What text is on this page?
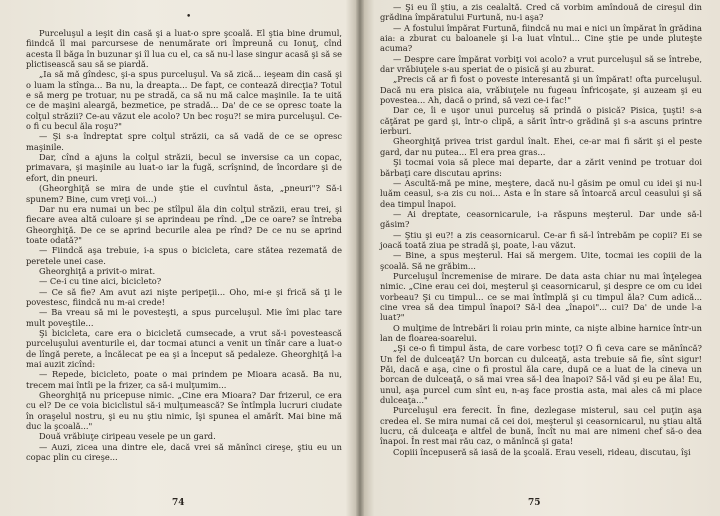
•

Purceluşul a ieşit din casă şi a luat-o spre şcoală. El ştia bine drumul, fiindcă îl mai parcursese de nenumărate ori împreună cu Ionuţ, cînd acesta îl băga în buzunar şi îl lua cu el, ca să nu-l lase singur acasă şi să se plictisească sau să se piardă.

„Ia să mă gîndesc, şi-a spus purceluşul. Va să zică... ieşeam din casă şi o luam la stînga... Ba nu, la dreapta... De fapt, ce contează direcţia? Totul e să merg pe trotuar, nu pe stradă, ca să nu mă calce maşinile. Ia te uită ce de maşini aleargă, bezmetice, pe stradă... Da' de ce se opresc toate la colţul străzii? Ce-au văzut ele acolo? Un bec roşu?! se mira purceluşul. Ce-o fi cu becul ăla roşu?"

— Şi s-a îndreptat spre colţul străzii, ca să vadă de ce se opresc maşinile.

Dar, cînd a ajuns la colţul străzii, becul se inversise ca un copac, primavara, şi maşinile au luat-o iar la fugă, scrîşnind, de încordare şi de efort, din pneuri.

(Gheorghiţă se mira de unde ştie el cuvîntul ăsta, „pneuri"? Să-i spunem? Bine, cum vreţi voi...)

Dar nu era numai un bec pe stîlpul ăla din colţul străzii, erau trei, şi fiecare avea altă culoare şi se aprindeau pe rînd. „De ce oare? se întreba Gheorghiţă. De ce se aprind becurile alea pe rînd? De ce nu se aprind toate odată?"

— Fiindcă aşa trebuie, i-a spus o bicicleta, care stătea rezemată de peretele unei case.

Gheorghiţă a privit-o mirat.

— Ce-i cu tine aici, bicicleto?

— Ce să fie? Am avut azi nişte peripeţii... Oho, mi-e şi frică să ţi le povestesc, fiindcă nu m-ai crede!

— Ba vreau să mi le povesteşti, a spus purceluşul. Mie îmi plac tare mult poveştile...

Şi bicicleta, care era o bicicletă cumsecade, a vrut să-i povestească purceluşului aventurile ei, dar tocmai atunci a venit un tînăr care a luat-o de lîngă perete, a încălecat pe ea şi a început să pedaleze. Gheorghiţă l-a mai auzit zicînd:

— Repede, bicicleto, poate o mai prindem pe Mioara acasă. Ba nu, trecem mai întîi pe la frizer, ca să-i mulţumim...

Gheorghiţă nu pricepuse nimic. „Cine era Mioara? Dar frizerul, ce era cu el? De ce voia biciclistul să-i mulţumească? Se întîmpla lucruri ciudate în oraşelul nostru, şi eu nu ştiu nimic, îşi spunea el amărît. Mai bine mă duc la şcoală..."

Două vrăbiuţe ciripeau vesele pe un gard.

— Auzi, zicea una dintre ele, dacă vrei să mănînci cireşe, ştiu eu un copac plin cu cireşe...

74

— Şi eu îl ştiu, a zis cealaltă. Cred că vorbim amîndouă de cireşul din grădina împăratului Furtună, nu-i aşa?

— A fostului împărat Furtună, fiindcă nu mai e nici un împărat în grădina aia: a zburat cu baloanele şi l-a luat vîntul... Cine ştie pe unde pluteşte acuma?

— Despre care împărat vorbiţi voi acolo? a vrut purceluşul să se întrebe, dar vrăbiuţele s-au speriat de o pisică şi au zburat.

„Precis că ar fi fost o poveste interesantă şi un împărat! ofta purceluşul. Dacă nu era pisica aia, vrăbiuţele nu fugeau înfricoşate, şi auzeam şi eu povestea... Ah, dacă o prind, să vezi ce-i fac!"

Dar ce, îi e uşor unui purceluş să prindă o pisică? Pisica, ţuşti! s-a căţărat pe gard şi, într-o clipă, a sărit într-o grădină şi s-a ascuns printre ierburi.

Gheorghiţă privea trist gardul înalt. Ehei, ce-ar mai fi sărit şi el peste gard, dar nu putea... El era prea gras...

Şi tocmai voia să plece mai departe, dar a zărit venind pe trotuar doi bărbaţi care discutau aprins:

— Ascultă-mă pe mine, meştere, dacă nu-l găsim pe omul cu idei şi nu-l luăm ceasul, s-a zis cu noi... Asta e în stare să întoarcă arcul ceasului şi să dea timpul înapoi.

— Ai dreptate, ceasornicarule, i-a răspuns meşterul. Dar unde să-l găsim?

— Ştiu şi eu?! a zis ceasornicarul. Ce-ar fi să-l întrebăm pe copii? Ei se joacă toată ziua pe stradă şi, poate, l-au văzut.

— Bine, a spus meşterul. Hai să mergem. Uite, tocmai ies copiii de la şcoală. Să ne grăbim...

Purceluşul încremenise de mirare. De data asta chiar nu mai înţelegea nimic. „Cine erau cei doi, meşterul şi ceasornicarul, şi despre ce om cu idei vorbeau? Şi cu timpul... ce se mai întîmplă şi cu timpul ăla? Cum adică... cine vrea să dea timpul înapoi? Să-l dea „înapoi"... cui? Da' de unde l-a luat?"

O mulţime de întrebări îi roiau prin minte, ca nişte albine harnice într-un lan de floarea-soarelui.

„Şi ce-o fi timpul ăsta, de care vorbesc toţi? O fi ceva care se mănîncă? Un fel de dulceaţă? Un borcan cu dulceaţă, asta trebuie să fie, sînt sigur! Păi, dacă e aşa, cine o fi prostul ăla care, după ce a luat de la cineva un borcan de dulceaţă, o să mai vrea să-l dea înapoi? Să-l văd şi eu pe ăla! Eu, unul, aşa purcel cum sînt eu, n-aş face prostia asta, mai ales că mi place dulceaţa..."

Purceluşul era ferecit. În fine, dezlegase misterul, sau cel puţin aşa credea el. Se mira numai că cei doi, meşterul şi ceasornicarul, nu ştiau altă lucru, că dulceaţa e altfel de bună, încît nu mai are nimeni chef să-o dea înapoi. În rest mai rău caz, o mănîncă şi gata!

Copiii începuseră să iasă de la şcoală. Erau veseli, rideau, discutau, îşi

75
